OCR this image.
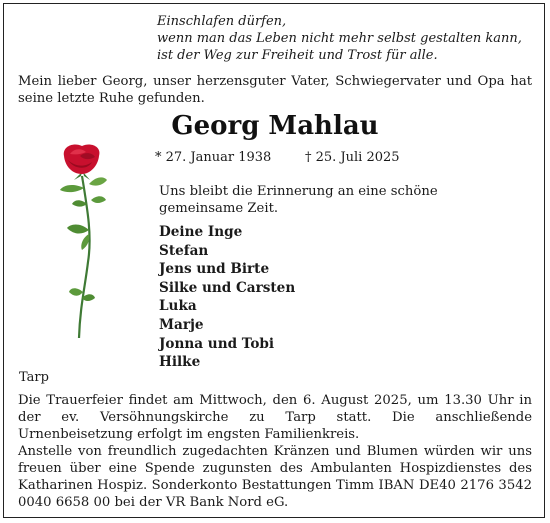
Einschlafen dürfen,
wenn man das Leben nicht mehr selbst gestalten kann,
ist der Weg zur Freiheit und Trost für alle.
Mein lieber Georg, unser herzensguter Vater, Schwiegervater und Opa hat seine letzte Ruhe gefunden.
Georg Mahlau
* 27. Januar 1938	† 25. Juli 2025
Uns bleibt die Erinnerung an eine schöne
gemeinsame Zeit.
Deine Inge
Stefan
Jens und Birte
Silke und Carsten
Luka
Marje
Jonna und Tobi
Hilke
Tarp
Die Trauerfeier findet am Mittwoch, den 6. August 2025, um 13.30 Uhr in der ev. Versöhnungskirche zu Tarp statt. Die anschließende Urnenbeisetzung erfolgt im engsten Familienkreis.
Anstelle von freundlich zugedachten Kränzen und Blumen würden wir uns freuen über eine Spende zugunsten des Ambulanten Hospizdienstes des Katharinen Hospiz. Sonderkonto Bestattungen Timm IBAN DE40 2176 3542 0040 6658 00 bei der VR Bank Nord eG.
